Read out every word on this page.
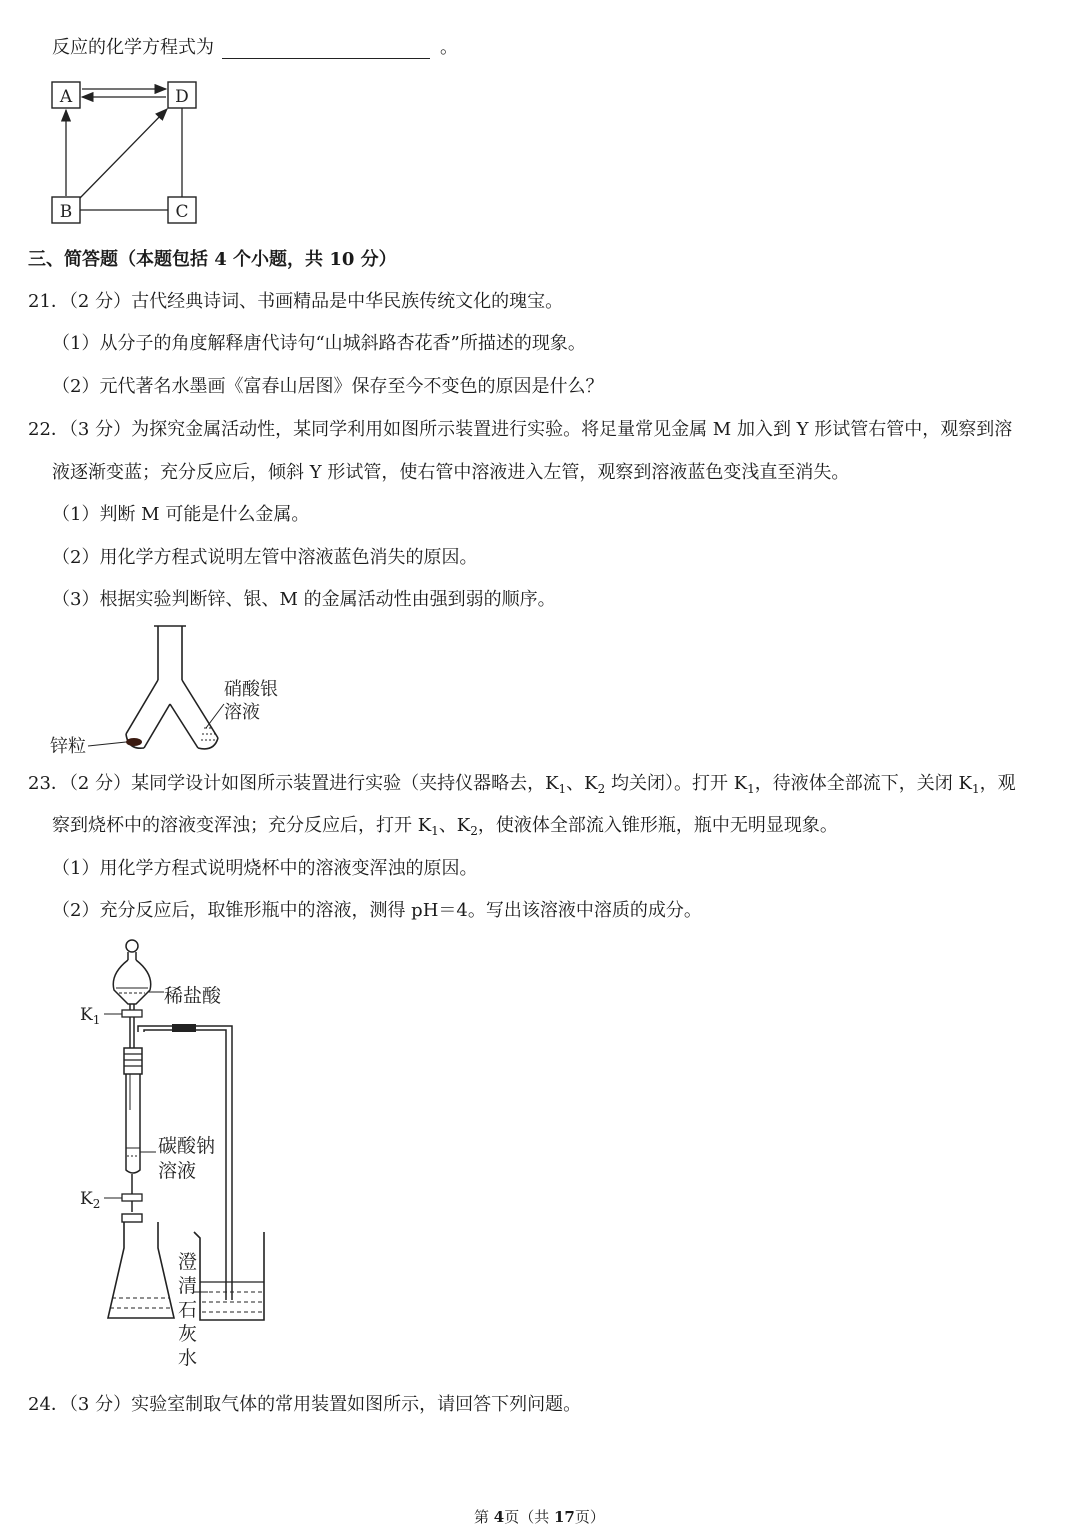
反应的化学方程式为	。
A	D
B	C
三、简答题（本题包括 4 个小题，共 10 分）
21．（2 分）古代经典诗词、书画精品是中华民族传统文化的瑰宝。
（1）从分子的角度解释唐代诗句“山城斜路杏花香”所描述的现象。
（2）元代著名水墨画《富春山居图》保存至今不变色的原因是什么？
22．（3 分）为探究金属活动性，某同学利用如图所示装置进行实验。将足量常见金属 M 加入到 Y 形试管右管中，观察到溶
液逐渐变蓝；充分反应后，倾斜 Y 形试管，使右管中溶液进入左管，观察到溶液蓝色变浅直至消失。
（1）判断 M 可能是什么金属。
（2）用化学方程式说明左管中溶液蓝色消失的原因。
（3）根据实验判断锌、银、M 的金属活动性由强到弱的顺序。
硝酸银
溶液
锌粒
23．（2 分）某同学设计如图所示装置进行实验（夹持仪器略去，$K_1$、$K_2$ 均关闭）。打开 $K_1$，待液体全部流下，关闭 $K_1$，观
察到烧杯中的溶液变浑浊；充分反应后，打开 $K_1$、$K_2$，使液体全部流入锥形瓶，瓶中无明显现象。
（1）用化学方程式说明烧杯中的溶液变浑浊的原因。
（2）充分反应后，取锥形瓶中的溶液，测得 pH＝4。写出该溶液中溶质的成分。
稀盐酸
$K_1$
碳酸钠
溶液
$K_2$
澄
清
石
灰
水
24．（3 分）实验室制取气体的常用装置如图所示，请回答下列问题。
第 4页（共 17页）
